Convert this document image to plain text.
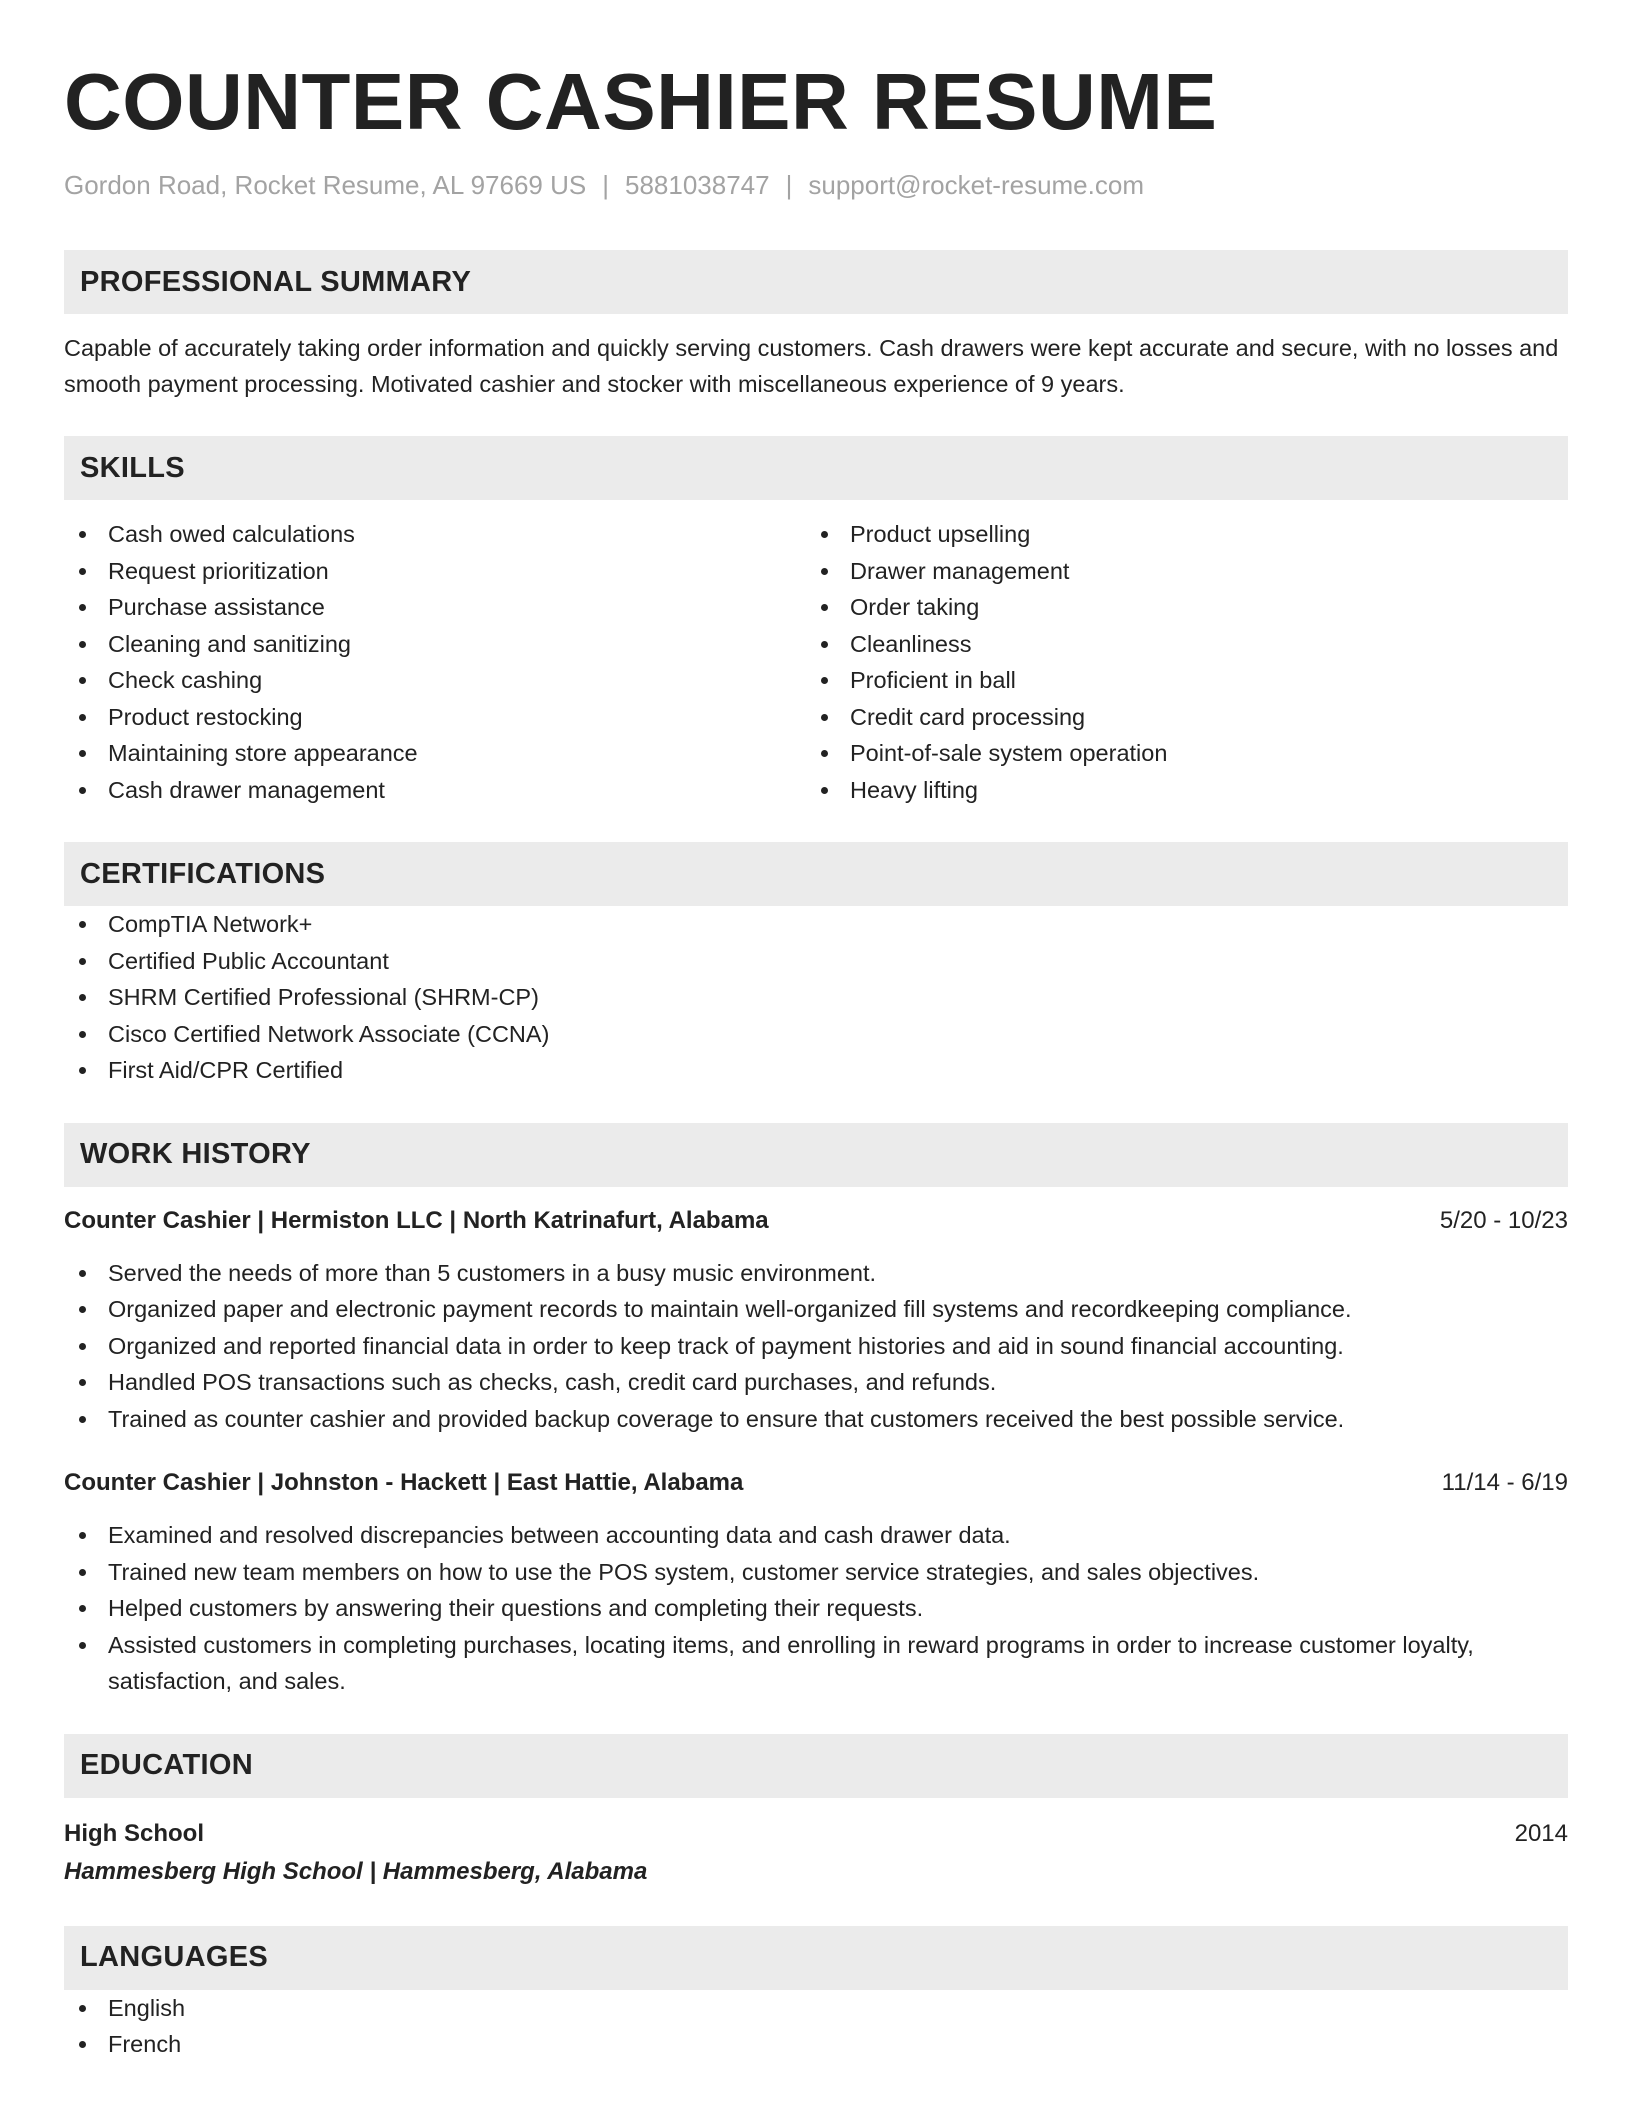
COUNTER CASHIER RESUME
Gordon Road, Rocket Resume, AL 97669 US | 5881038747 | support@rocket-resume.com
PROFESSIONAL SUMMARY
Capable of accurately taking order information and quickly serving customers. Cash drawers were kept accurate and secure, with no losses and smooth payment processing. Motivated cashier and stocker with miscellaneous experience of 9 years.
SKILLS
Cash owed calculations
Request prioritization
Purchase assistance
Cleaning and sanitizing
Check cashing
Product restocking
Maintaining store appearance
Cash drawer management
Product upselling
Drawer management
Order taking
Cleanliness
Proficient in ball
Credit card processing
Point-of-sale system operation
Heavy lifting
CERTIFICATIONS
CompTIA Network+
Certified Public Accountant
SHRM Certified Professional (SHRM-CP)
Cisco Certified Network Associate (CCNA)
First Aid/CPR Certified
WORK HISTORY
Counter Cashier | Hermiston LLC | North Katrinafurt, Alabama	5/20 - 10/23
Served the needs of more than 5 customers in a busy music environment.
Organized paper and electronic payment records to maintain well-organized fill systems and recordkeeping compliance.
Organized and reported financial data in order to keep track of payment histories and aid in sound financial accounting.
Handled POS transactions such as checks, cash, credit card purchases, and refunds.
Trained as counter cashier and provided backup coverage to ensure that customers received the best possible service.
Counter Cashier | Johnston - Hackett | East Hattie, Alabama	11/14 - 6/19
Examined and resolved discrepancies between accounting data and cash drawer data.
Trained new team members on how to use the POS system, customer service strategies, and sales objectives.
Helped customers by answering their questions and completing their requests.
Assisted customers in completing purchases, locating items, and enrolling in reward programs in order to increase customer loyalty, satisfaction, and sales.
EDUCATION
High School	2014
Hammesberg High School | Hammesberg, Alabama
LANGUAGES
English
French
